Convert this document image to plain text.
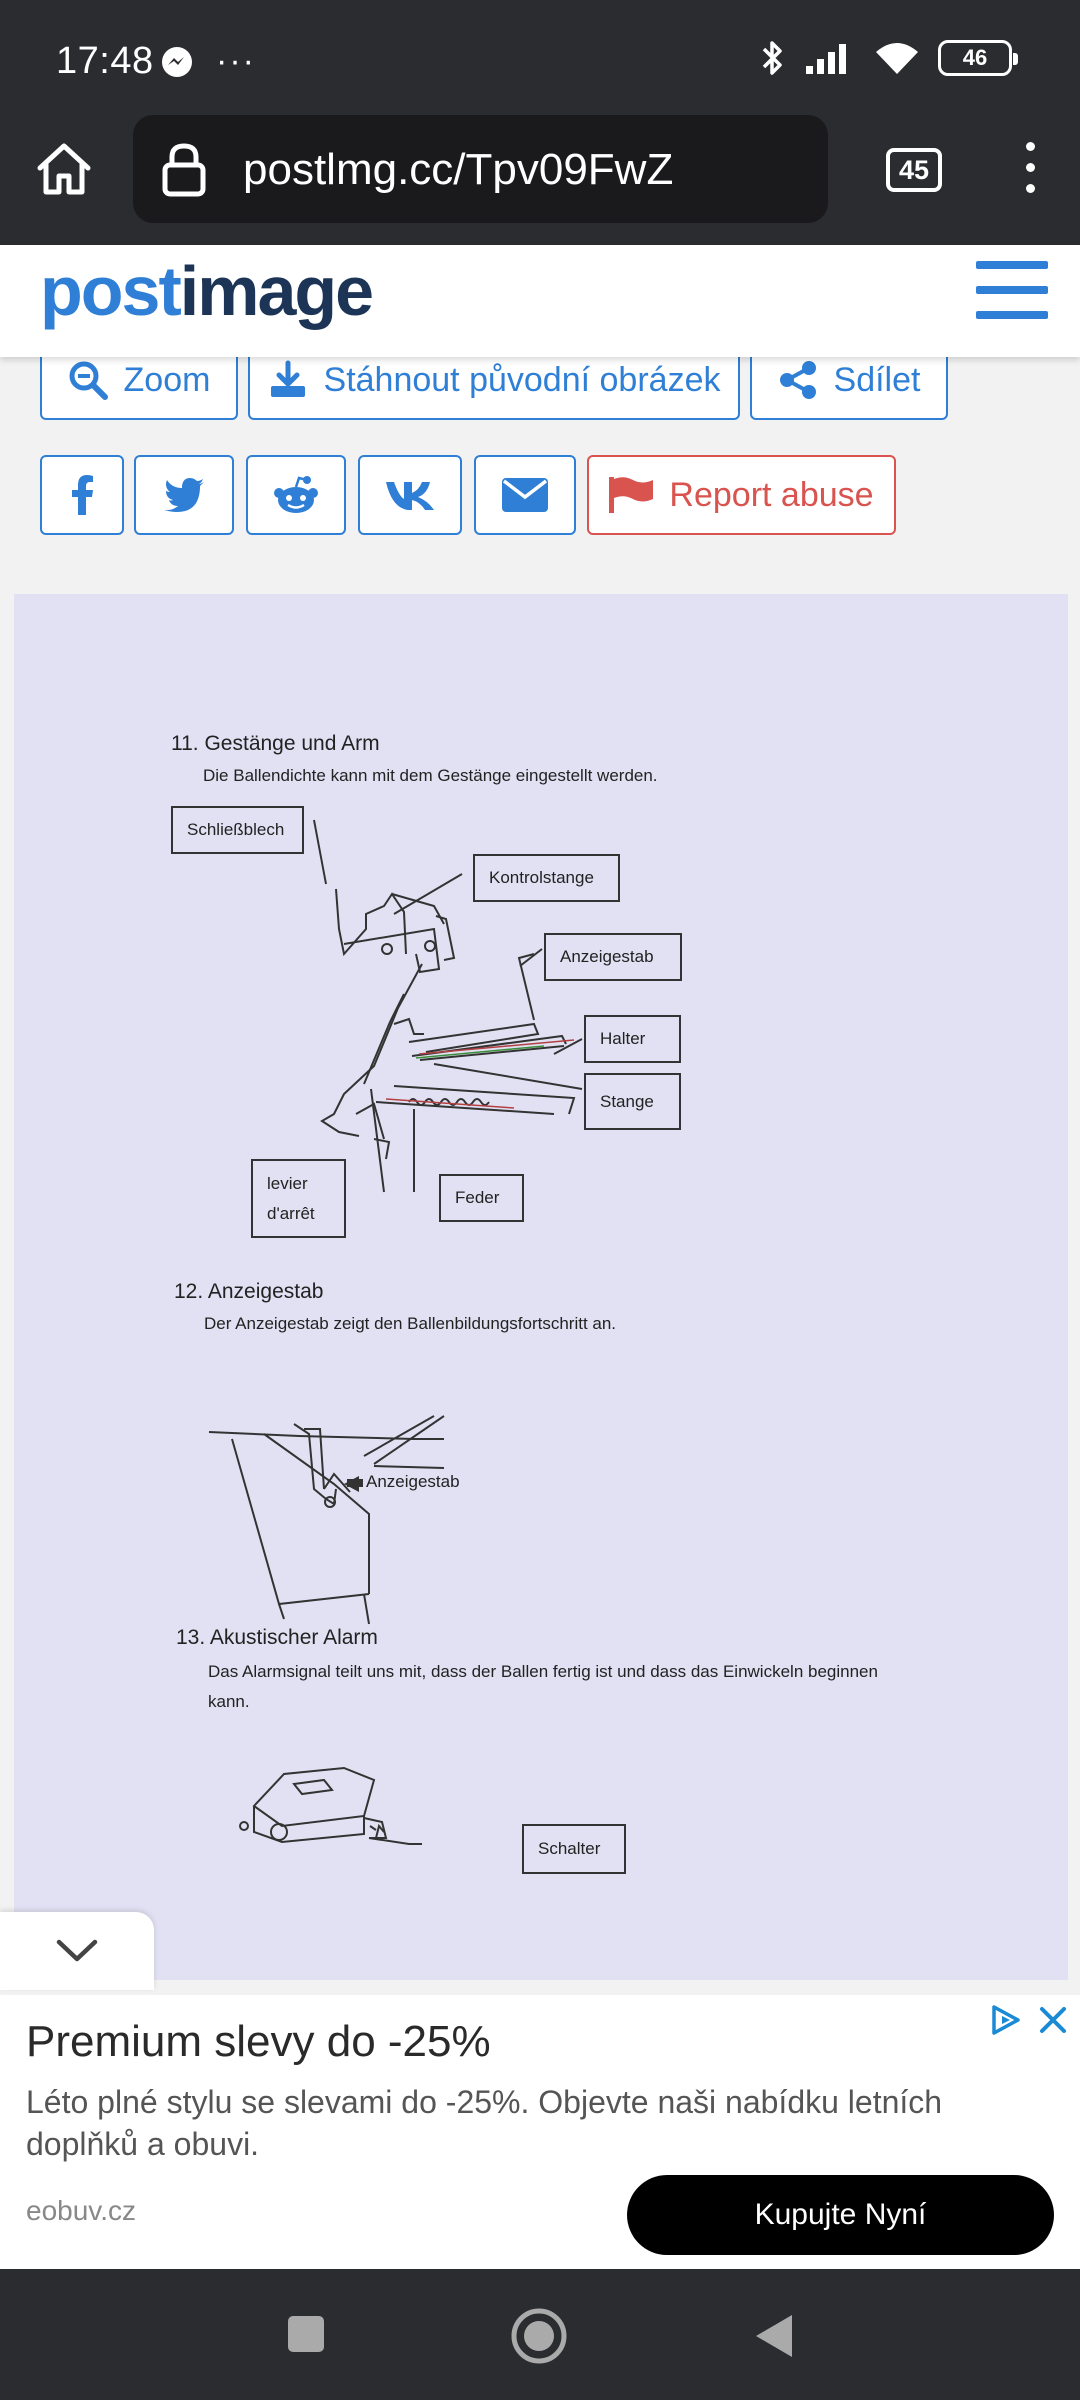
17:48 ···	46
postlmg.cc/Tpv09FwZ	45
postimage
Zoom	Stáhnout původní obrázek	Sdílet
Report abuse
11. Gestänge und Arm
Die Ballendichte kann mit dem Gestänge eingestellt werden.
Schließblech
Kontrolstange
Anzeigestab
Halter
Stange
levier
d'arrêt
Feder
12. Anzeigestab
Der Anzeigestab zeigt den Ballenbildungsfortschritt an.
Anzeigestab
13. Akustischer Alarm
Das Alarmsignal teilt uns mit, dass der Ballen fertig ist und dass das Einwickeln beginnen
kann.
Schalter
Premium slevy do -25%
Léto plné stylu se slevami do -25%. Objevte naši nabídku letních doplňků a obuvi.
eobuv.cz	Kupujte Nyní
